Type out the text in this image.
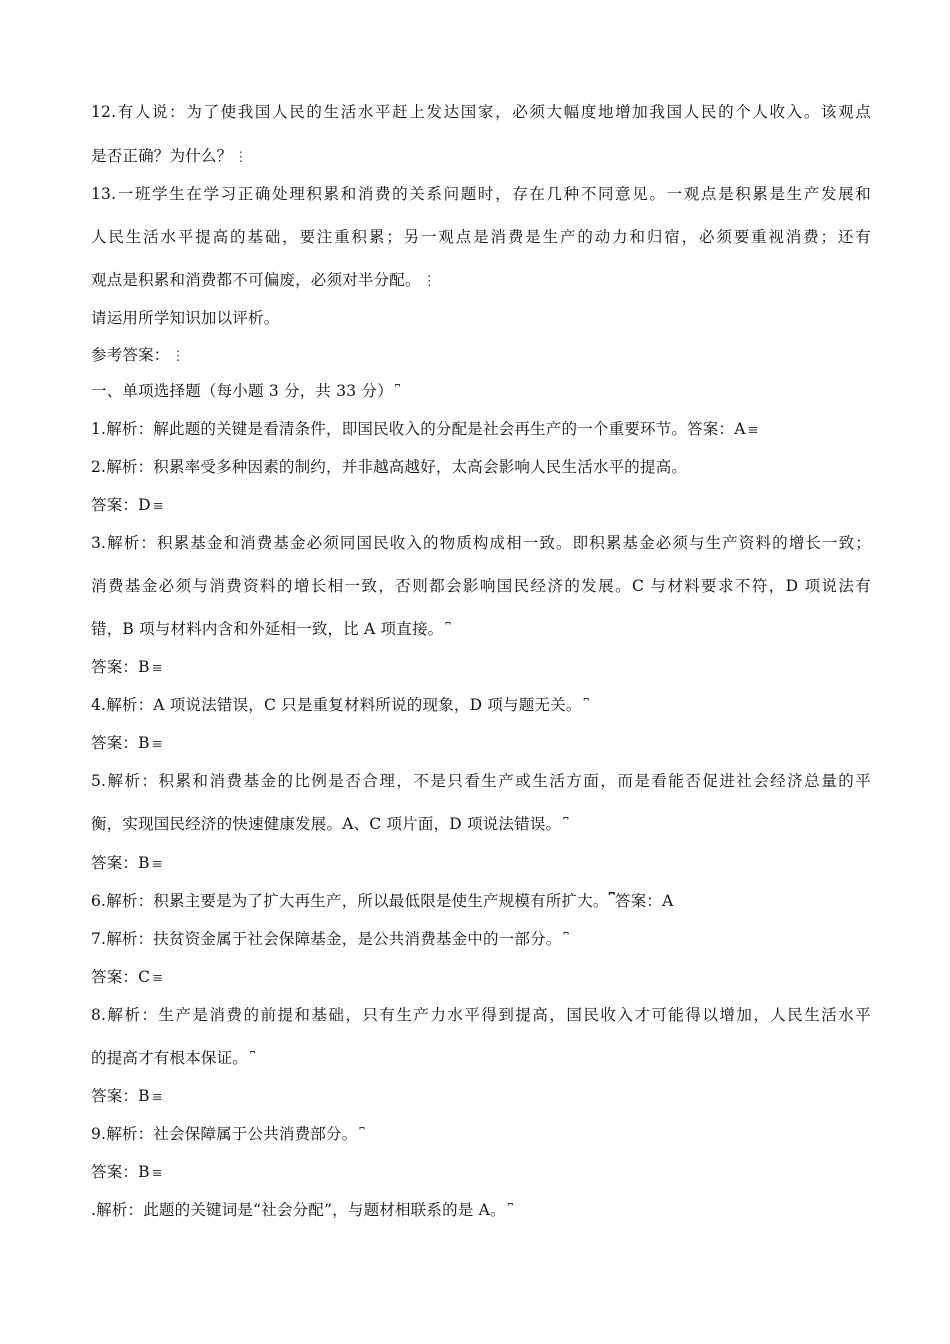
12.有人说：为了使我国人民的生活水平赶上发达国家，必须大幅度地增加我国人民的个人收入。该观点
是否正确？为什么？ ⋮
13.一班学生在学习正确处理积累和消费的关系问题时，存在几种不同意见。一观点是积累是生产发展和
人民生活水平提高的基础，要注重积累；另一观点是消费是生产的动力和归宿，必须要重视消费；还有
观点是积累和消费都不可偏废，必须对半分配。 ⋮
请运用所学知识加以评析。
参考答案： ⋮
一、单项选择题（每小题 3 分，共 33 分） ⎴
1.解析：解此题的关键是看清条件，即国民收入的分配是社会再生产的一个重要环节。答案：A ≡
2.解析：积累率受多种因素的制约，并非越高越好，太高会影响人民生活水平的提高。
答案：D ≡
3.解析：积累基金和消费基金必须同国民收入的物质构成相一致。即积累基金必须与生产资料的增长一致；
消费基金必须与消费资料的增长相一致，否则都会影响国民经济的发展。C 与材料要求不符，D 项说法有
错，B 项与材料内含和外延相一致，比 A 项直接。 ⎴
答案：B ≡
4.解析：A 项说法错误，C 只是重复材料所说的现象，D 项与题无关。 ⎴
答案：B ≡
5.解析：积累和消费基金的比例是否合理，不是只看生产或生活方面，而是看能否促进社会经济总量的平
衡，实现国民经济的快速健康发展。A、C 项片面，D 项说法错误。 ⎴
答案：B ≡
6.解析：积累主要是为了扩大再生产，所以最低限是使生产规模有所扩大。⎴答案：A
7.解析：扶贫资金属于社会保障基金，是公共消费基金中的一部分。 ⎴
答案：C ≡
8.解析：生产是消费的前提和基础，只有生产力水平得到提高，国民收入才可能得以增加，人民生活水平
的提高才有根本保证。 ⎴
答案：B ≡
9.解析：社会保障属于公共消费部分。 ⎴
答案：B ≡
.解析：此题的关键词是“社会分配”，与题材相联系的是 A。 ⎴
